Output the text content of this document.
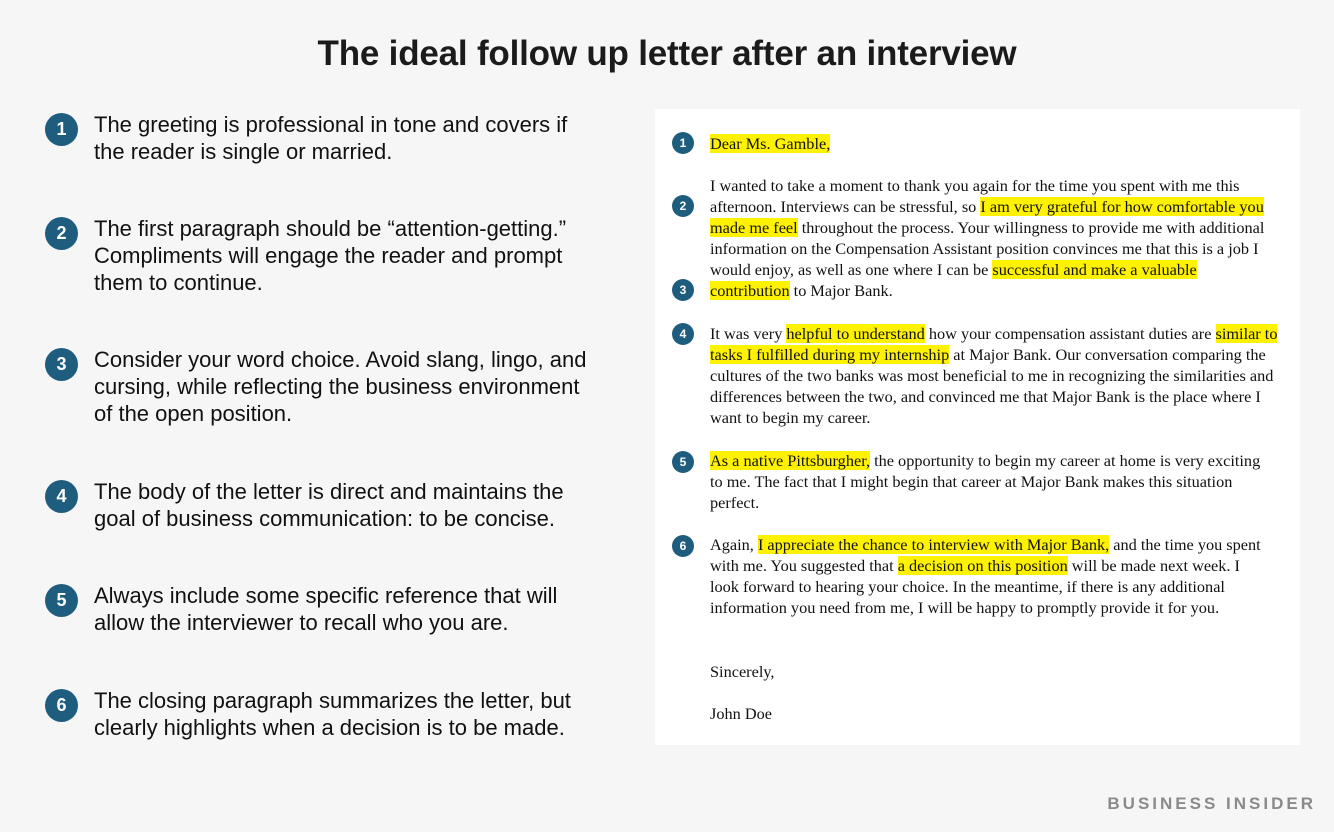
The ideal follow up letter after an interview
1	The greeting is professional in tone and covers if the reader is single or married.
2	The first paragraph should be “attention-getting.” Compliments will engage the reader and prompt them to continue.
3	Consider your word choice. Avoid slang, lingo, and cursing, while reflecting the business environment of the open position.
4	The body of the letter is direct and maintains the goal of business communication: to be concise.
5	Always include some specific reference that will allow the interviewer to recall who you are.
6	The closing paragraph summarizes the letter, but clearly highlights when a decision is to be made.
1
2
3
4
5
6
Dear Ms. Gamble,
I wanted to take a moment to thank you again for the time you spent with me this afternoon. Interviews can be stressful, so I am very grateful for how comfortable you made me feel throughout the process. Your willingness to provide me with additional information on the Compensation Assistant position convinces me that this is a job I would enjoy, as well as one where I can be successful and make a valuable contribution to Major Bank.
It was very helpful to understand how your compensation assistant duties are similar to tasks I fulfilled during my internship at Major Bank. Our conversation comparing the cultures of the two banks was most beneficial to me in recognizing the similarities and differences between the two, and convinced me that Major Bank is the place where I want to begin my career.
As a native Pittsburgher, the opportunity to begin my career at home is very exciting to me. The fact that I might begin that career at Major Bank makes this situation perfect.
Again, I appreciate the chance to interview with Major Bank, and the time you spent with me. You suggested that a decision on this position will be made next week. I look forward to hearing your choice. In the meantime, if there is any additional information you need from me, I will be happy to promptly provide it for you.
Sincerely,
John Doe
BUSINESS INSIDER
